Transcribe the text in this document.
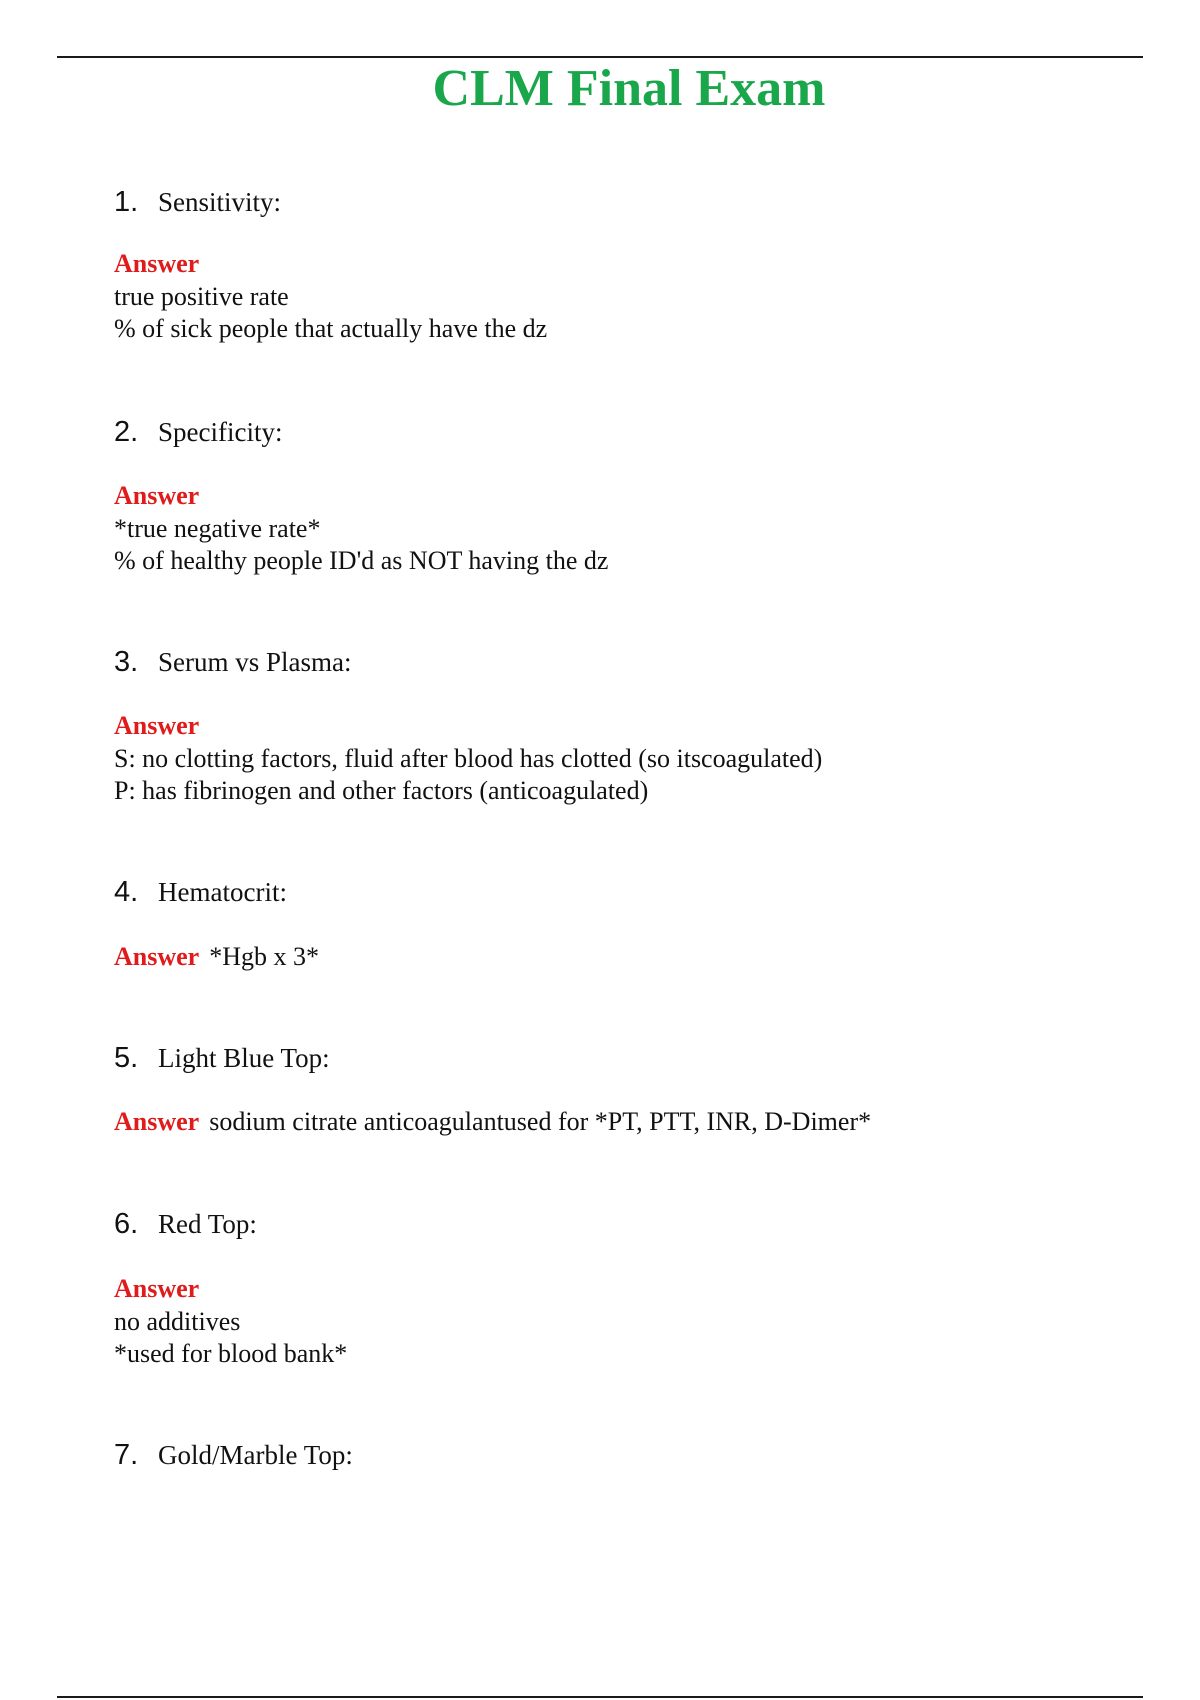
CLM Final Exam
1. Sensitivity:
Answer
true positive rate
% of sick people that actually have the dz
2. Specificity:
Answer
*true negative rate*
% of healthy people ID'd as NOT having the dz
3. Serum vs Plasma:
Answer
S: no clotting factors, fluid after blood has clotted (so itscoagulated)
P: has fibrinogen and other factors (anticoagulated)
4. Hematocrit:
Answer *Hgb x 3*
5. Light Blue Top:
Answer sodium citrate anticoagulantused for *PT, PTT, INR, D-Dimer*
6. Red Top:
Answer
no additives
*used for blood bank*
7. Gold/Marble Top:
